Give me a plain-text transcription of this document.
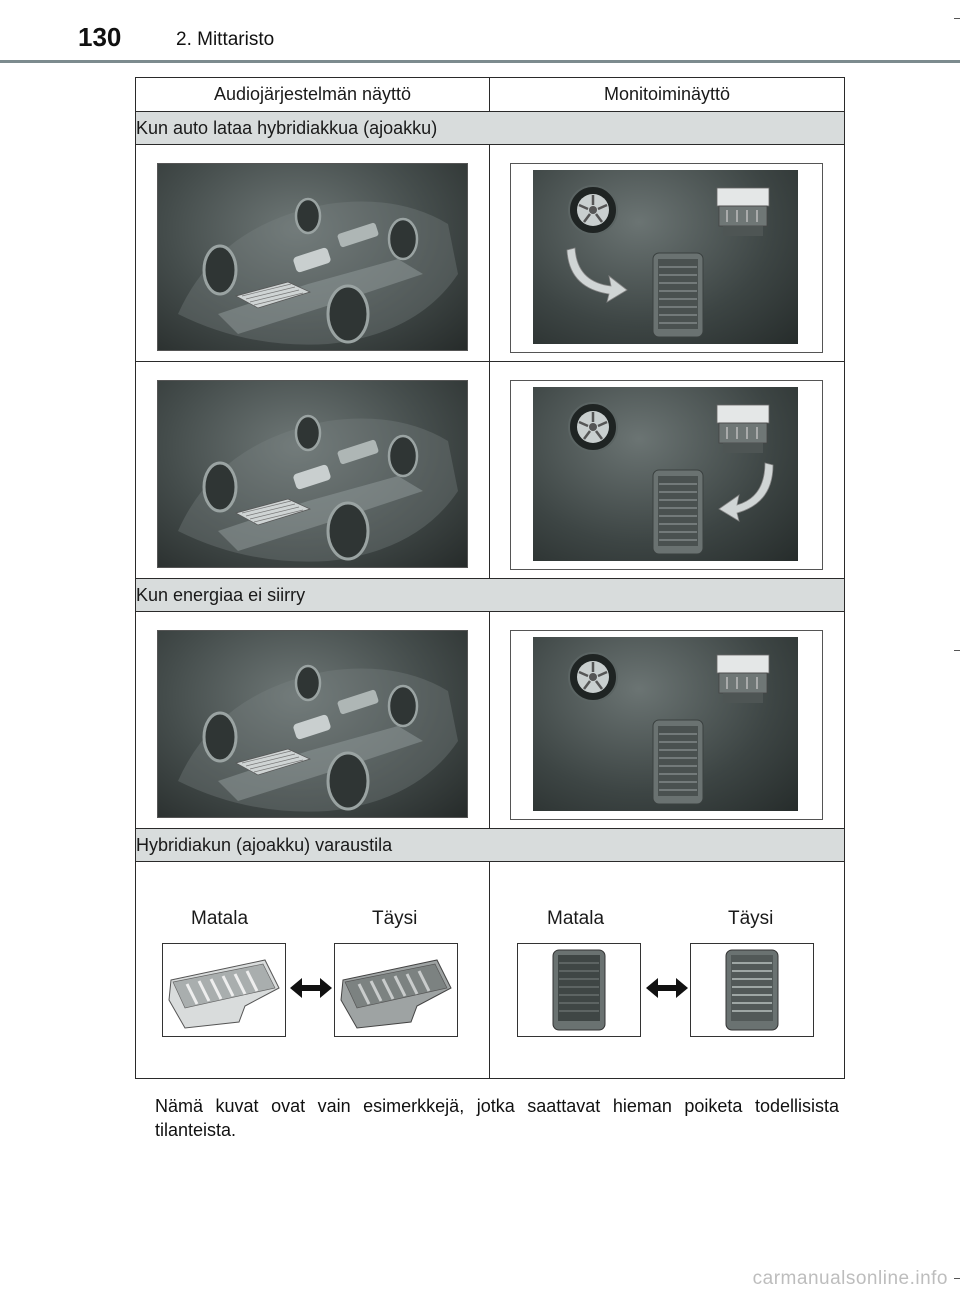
130	2. Mittaristo
Audiojärjestelmän näyttö	Monitoiminäyttö
Kun auto lataa hybridiakkua (ajoakku)	

Kun energiaa ei siirry	

Hybridiakun (ajoakku) varaustila	

Matala Täysi	Matala Täysi
Nämä kuvat ovat vain esimerkkejä, jotka saattavat hieman poiketa todellisista tilanteista.
carmanualsonline.info
